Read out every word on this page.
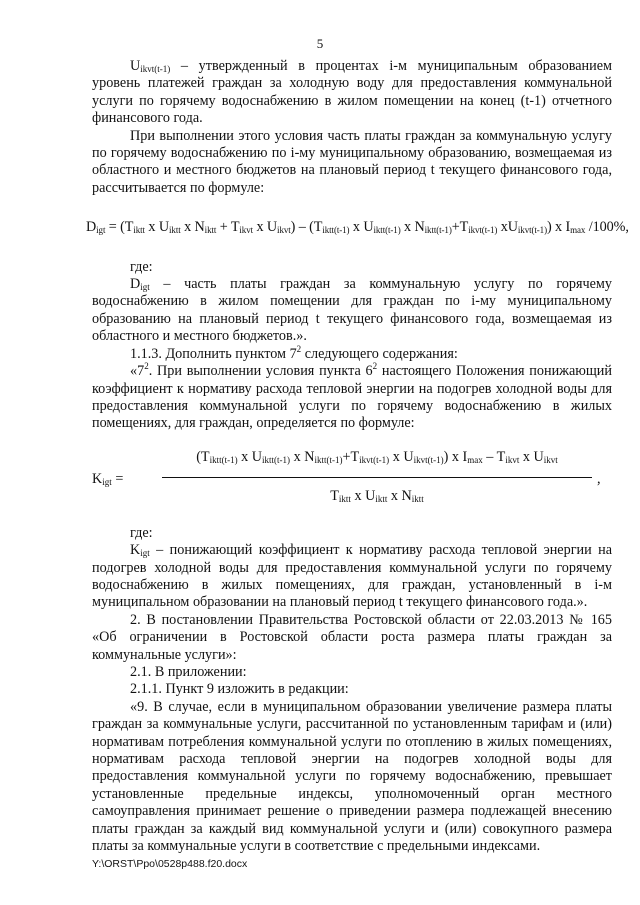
5

$U_{ikvt(t-1)}$ – утвержденный в процентах i-м муниципальным образованием уровень платежей граждан за холодную воду для предоставления коммунальной услуги по горячему водоснабжению в жилом помещении на конец (t-1) отчетного финансового года.

При выполнении этого условия часть платы граждан за коммунальную услугу по горячему водоснабжению по i-му муниципальному образованию, возмещаемая из областного и местного бюджетов на плановый период t текущего финансового года, рассчитывается по формуле:

$D_{igt} = (T_{iktt}$ x $U_{iktt}$ x $N_{iktt} + T_{ikvt}$ x $U_{ikvt}) - (T_{iktt(t-1)}$ x $U_{iktt(t-1)}$ x $N_{iktt(t-1)}+T_{ikvt(t-1)}$ $xU_{ikvt(t-1)}$) x $I_{max}$ /100%,

где:

$D_{igt}$ – часть платы граждан за коммунальную услугу по горячему водоснабжению в жилом помещении для граждан по i-му муниципальному образованию на плановый период t текущего финансового года, возмещаемая из областного и местного бюджетов.».

1.1.3. Дополнить пунктом $7^2$ следующего содержания:

«$7^2$. При выполнении условия пункта $6^2$ настоящего Положения понижающий коэффициент к нормативу расхода тепловой энергии на подогрев холодной воды для предоставления коммунальной услуги по горячему водоснабжению в жилых помещениях, для граждан, определяется по формуле:

$K_{igt}$ =
($T_{iktt(t-1)}$ x $U_{iktt(t-1)}$ x $N_{iktt(t-1)}+T_{ikvt(t-1)}$ x $U_{ikvt(t-1)}$) x $I_{max} - T_{ikvt}$ x $U_{ikvt}$
$T_{iktt}$ x $U_{iktt}$ x $N_{iktt}$
,

где:

$K_{igt}$ – понижающий коэффициент к нормативу расхода тепловой энергии на подогрев холодной воды для предоставления коммунальной услуги по горячему водоснабжению в жилых помещениях, для граждан, установленный в i-м муниципальном образовании на плановый период t текущего финансового года.».

2. В постановлении Правительства Ростовской области от 22.03.2013 № 165 «Об ограничении в Ростовской области роста размера платы граждан за коммунальные услуги»:

2.1. В приложении:

2.1.1. Пункт 9 изложить в редакции:

«9. В случае, если в муниципальном образовании увеличение размера платы граждан за коммунальные услуги, рассчитанной по установленным тарифам и (или) нормативам потребления коммунальной услуги по отоплению в жилых помещениях, нормативам расхода тепловой энергии на подогрев холодной воды для предоставления коммунальной услуги по горячему водоснабжению, превышает установленные предельные индексы, уполномоченный орган местного самоуправления принимает решение о приведении размера подлежащей внесению платы граждан за каждый вид коммунальной услуги и (или) совокупного размера платы за коммунальные услуги в соответствие с предельными индексами.

Y:\ORST\Ppo\0528p488.f20.docx
